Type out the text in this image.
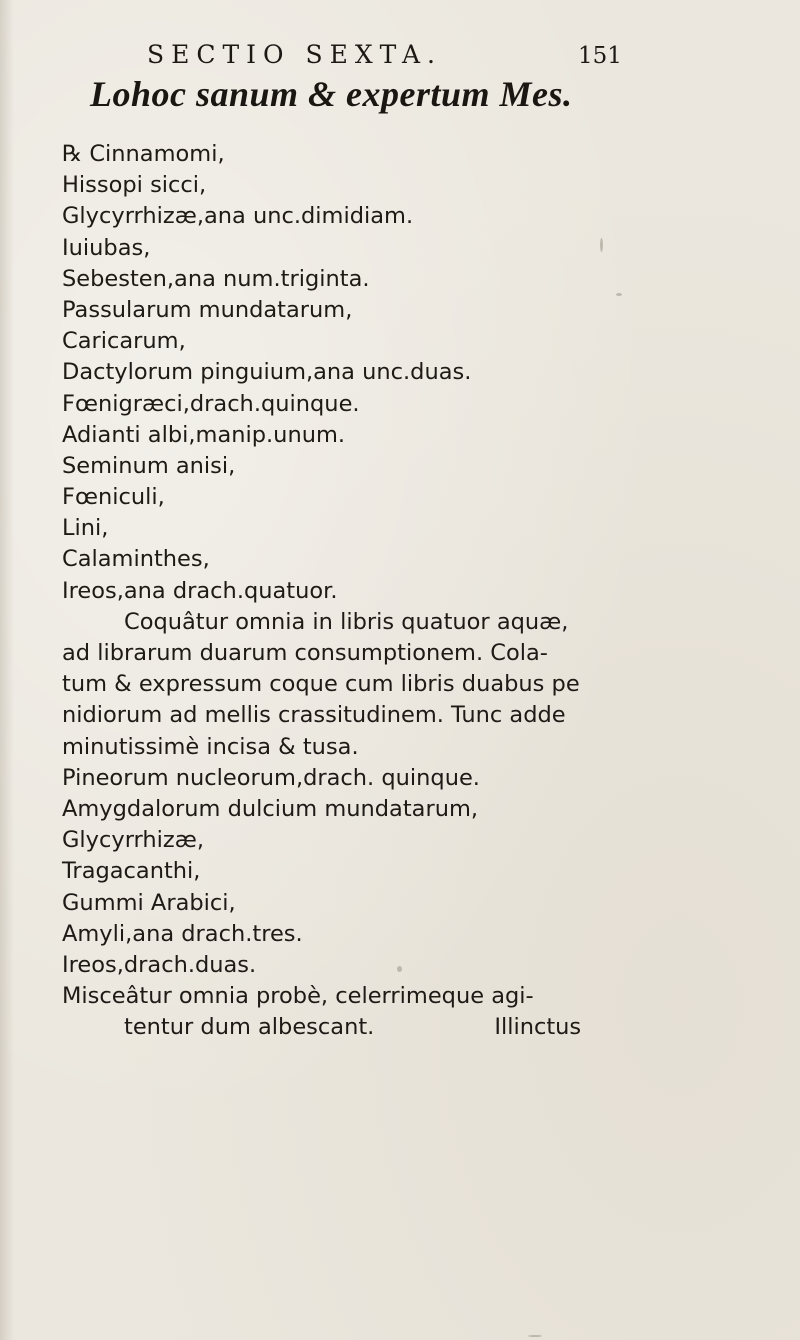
SECTIO SEXTA.	151
Lohoc sanum & expertum Mes.
℞ Cinnamomi,
Hissopi sicci,
Glycyrrhizæ,ana unc.dimidiam.
Iuiubas,
Sebesten,ana num.triginta.
Passularum mundatarum,
Caricarum,
Dactylorum pinguium,ana unc.duas.
Fœnigræci,drach.quinque.
Adianti albi,manip.unum.
Seminum anisi,
Fœniculi,
Lini,
Calaminthes,
Ireos,ana drach.quatuor.
Coquâtur omnia in libris quatuor aquæ,
ad librarum duarum consumptionem. Cola-
tum & expressum coque cum libris duabus pe
nidiorum ad mellis crassitudinem. Tunc adde
minutissimè incisa & tusa.
Pineorum nucleorum,drach. quinque.
Amygdalorum dulcium mundatarum,
Glycyrrhizæ,
Tragacanthi,
Gummi Arabici,
Amyli,ana drach.tres.
Ireos,drach.duas.
Misceâtur omnia probè, celerrimeque agi-
tentur dum albescant.	Illinctus
